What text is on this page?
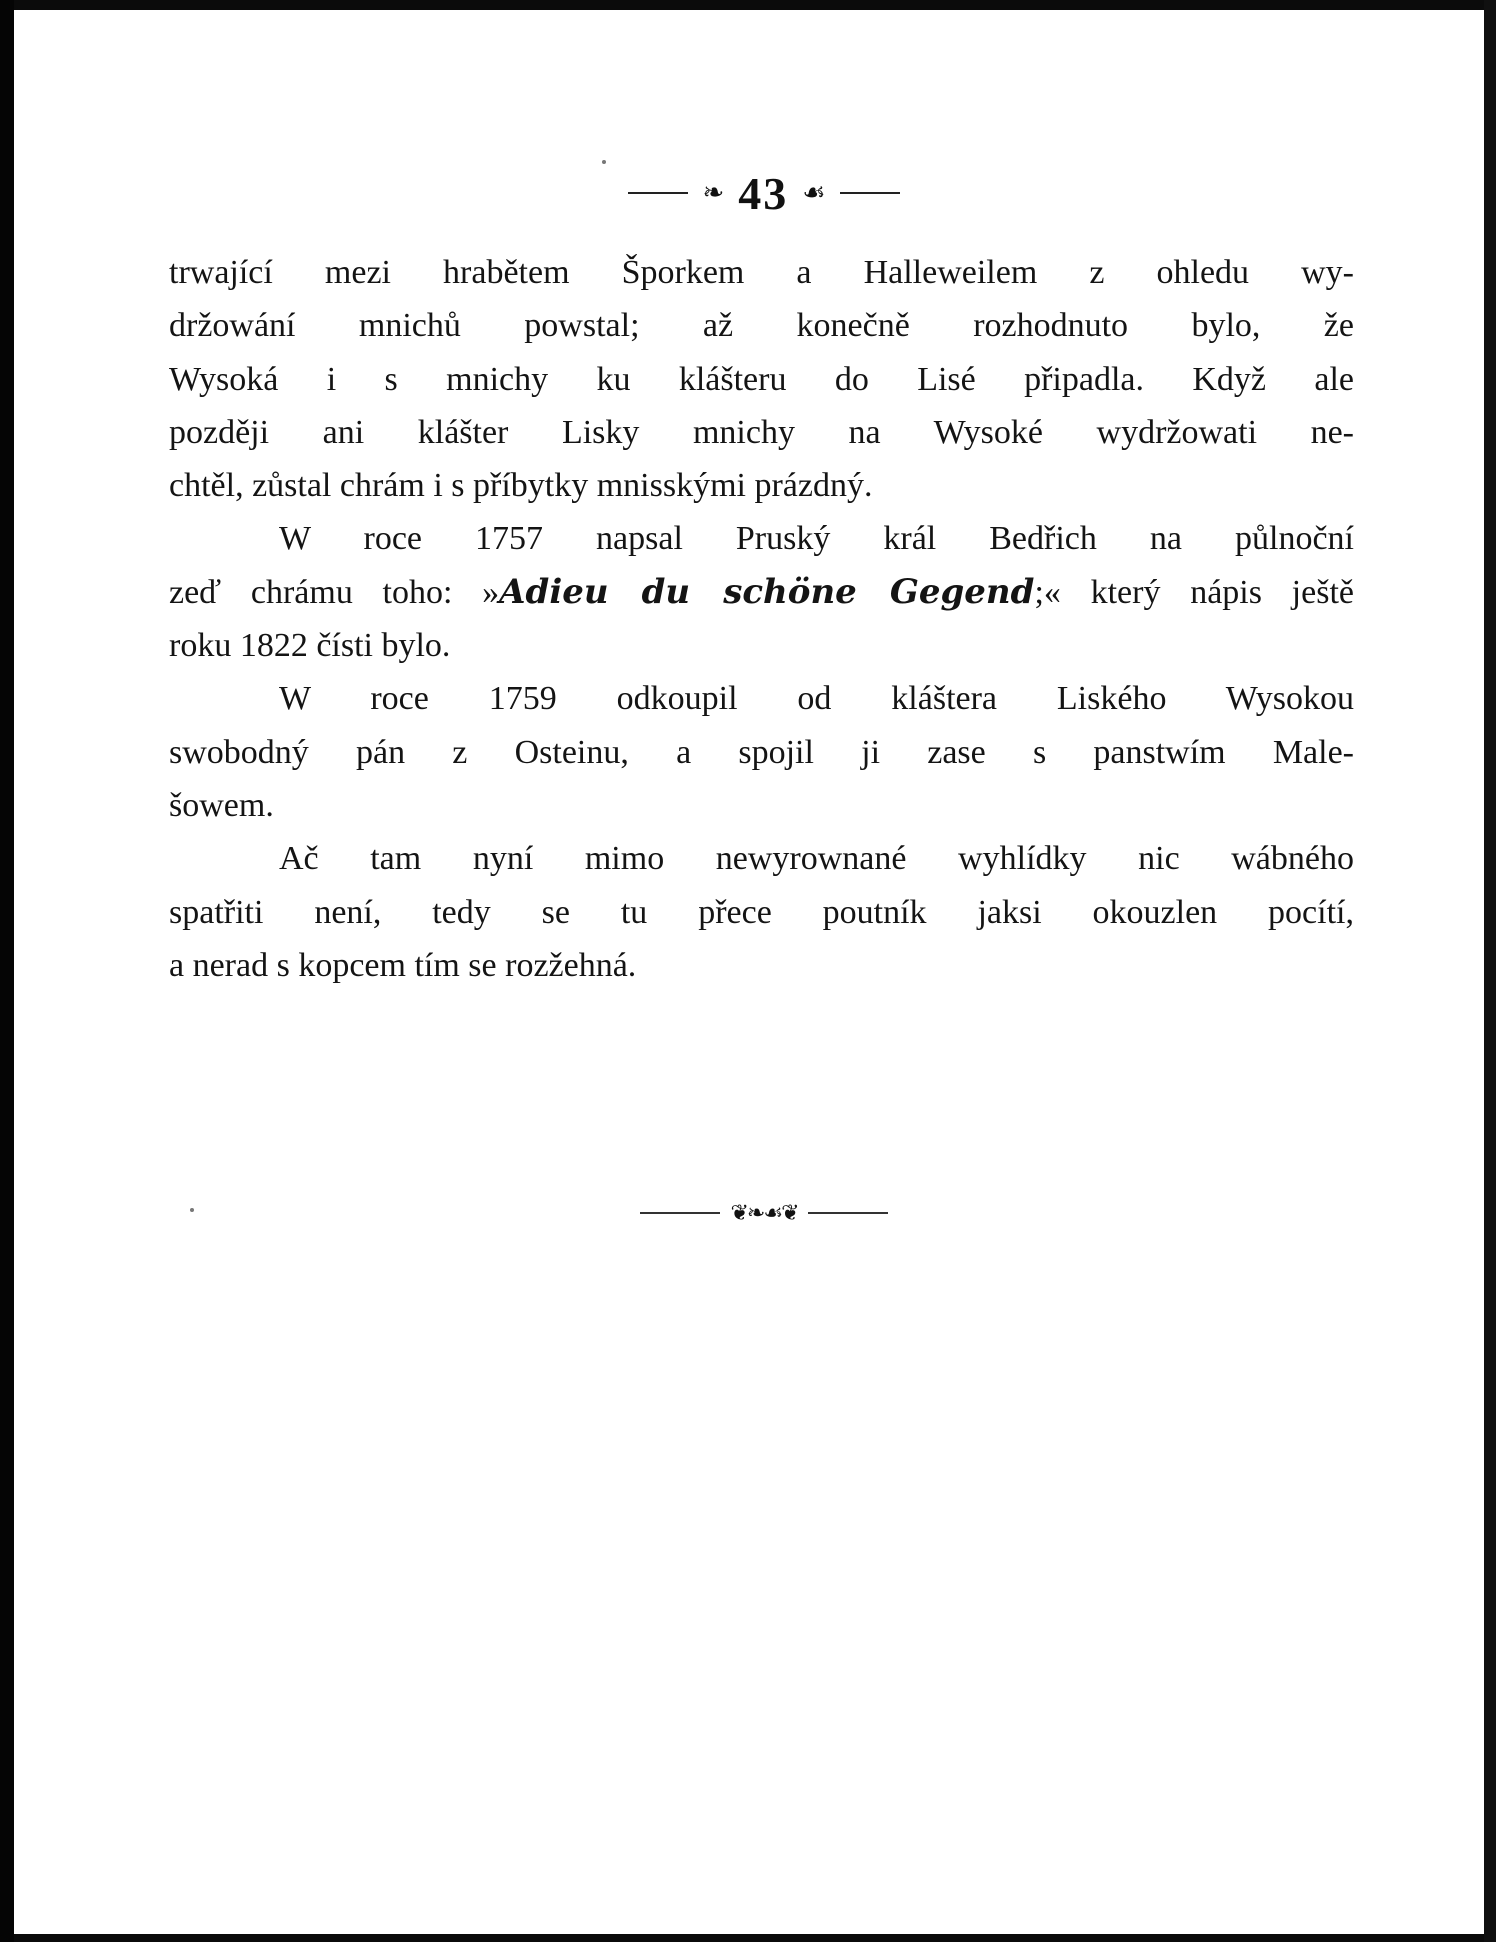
❧ 43 ☙
trwající mezi hrabětem Šporkem a Halleweilem z ohledu wy-
držowání mnichů powstal; až konečně rozhodnuto bylo, že
Wysoká i s mnichy ku klášteru do Lisé připadla. Když ale
později ani klášter Lisky mnichy na Wysoké wydržowati ne-
chtěl, zůstal chrám i s příbytky mnisskými prázdný.
W roce 1757 napsal Pruský král Bedřich na půlnoční
zeď chrámu toho: »Adieu du schöne Gegend;« který nápis ještě
roku 1822 čísti bylo.
W roce 1759 odkoupil od kláštera Liského Wysokou
swobodný pán z Osteinu, a spojil ji zase s panstwím Male-
šowem.
Ač tam nyní mimo newyrownané wyhlídky nic wábného
spatřiti není, tedy se tu přece poutník jaksi okouzlen pocítí,
a nerad s kopcem tím se rozžehná.
❦❧☙❦
